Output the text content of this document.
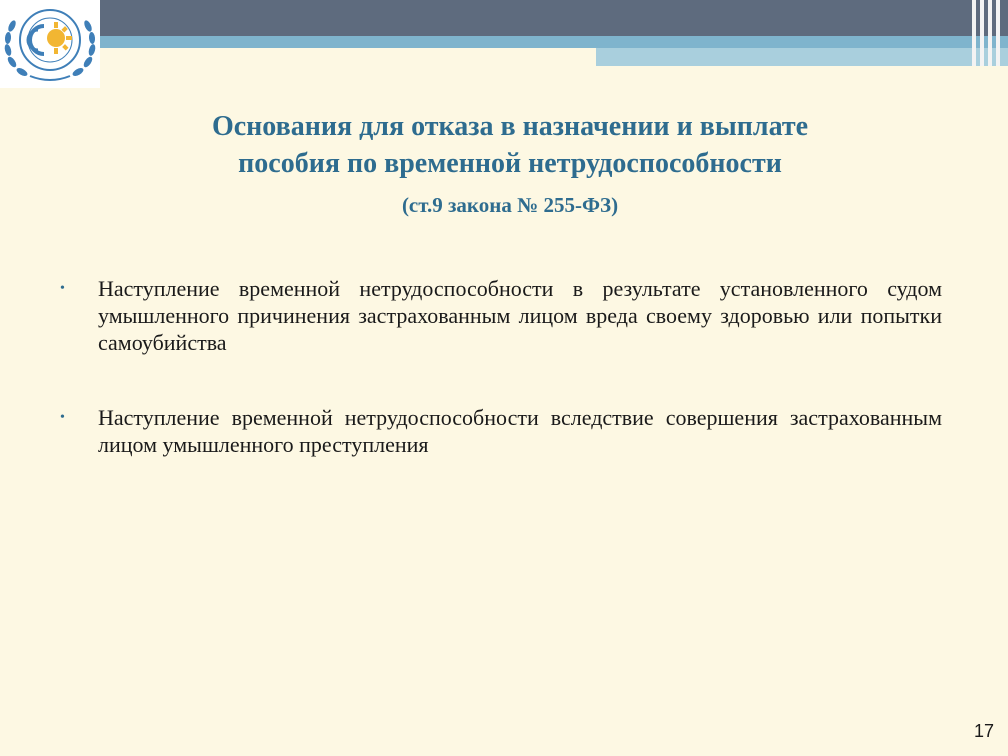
Основания для отказа в назначении и выплате
пособия по временной нетрудоспособности
(ст.9 закона № 255-ФЗ)
• Наступление временной нетрудоспособности в результате установленного судом умышленного причинения застрахованным лицом вреда своему здоровью или попытки самоубийства
• Наступление временной нетрудоспособности вследствие совершения застрахованным лицом умышленного преступления
17
